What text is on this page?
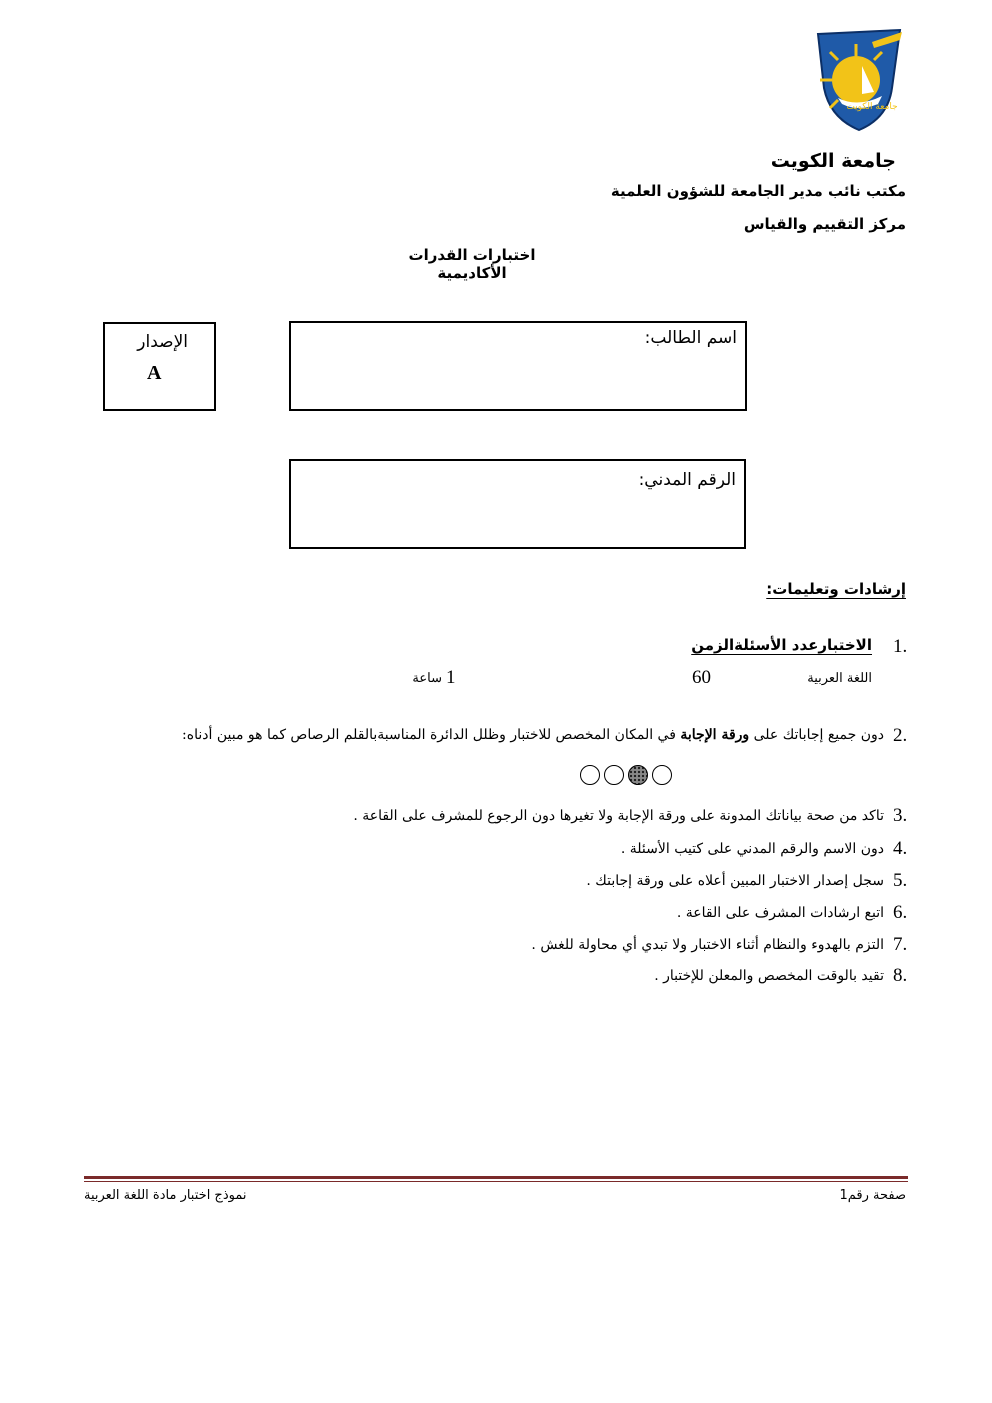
جامعة الكويت
جامعة الكويت
مكتب نائب مدير الجامعة للشؤون العلمية
مركز التقييم والقياس
اختبارات القدرات الأكاديمية
الإصدار
A
اسم الطالب:
الرقم المدني:
إرشادات وتعليمات:
1.
الاختبارعدد الأسئلةالزمن
اللغة العربية
60
1
ساعة
2.
دون جميع إجاباتك على ورقة الإجابة في المكان المخصص للاختبار وظلل الدائرة المناسبةبالقلم الرصاص كما هو مبين أدناه:
3.
تاكد من صحة بياناتك المدونة على ورقة الإجابة ولا تغيرها دون الرجوع للمشرف على القاعة .
4.
دون الاسم والرقم المدني على كتيب الأسئلة .
5.
سجل إصدار الاختبار المبين أعلاه على ورقة إجابتك .
6.
اتبع ارشادات المشرف على القاعة .
7.
التزم بالهدوء والنظام أثناء الاختبار ولا تبدي أي محاولة للغش .
8.
تقيد بالوقت المخصص والمعلن للإختبار .
صفحة رقم1
نموذج اختبار مادة اللغة العربية
